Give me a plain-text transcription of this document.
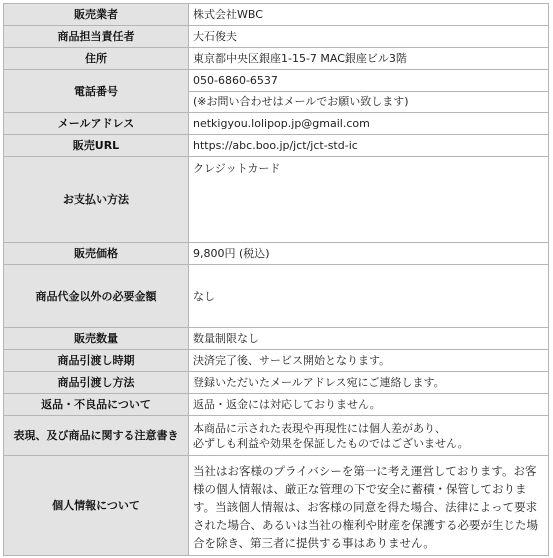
販売業者	株式会社WBC
商品担当責任者	大石俊夫
住所	東京都中央区銀座1-15-7 MAC銀座ビル3階
電話番号	050-6860-6537
(※お問い合わせはメールでお願い致します)

メールアドレス	netkigyou.lolipop.jp@gmail.com
販売URL	https://abc.boo.jp/jct/jct-std-ic
お支払い方法	クレジットカード
販売価格	9,800円 (税込)
商品代金以外の必要金額	なし
販売数量	数量制限なし
商品引渡し時期	決済完了後、サービス開始となります。
商品引渡し方法	登録いただいたメールアドレス宛にご連絡します。
返品・不良品について	返品・返金には対応しておりません。
表現、及び商品に関する注意書き	本商品に示された表現や再現性には個人差があり、
必ずしも利益や効果を保証したものではございません。

個人情報について	当社はお客様のプライバシーを第一に考え運営しております。お客様の個人情報は、厳正な管理の下で安全に蓄積・保管しております。当該個人情報は、お客様の同意を得た場合、法律によって要求された場合、あるいは当社の権利や財産を保護する必要が生じた場合を除き、第三者に提供する事はありません。
